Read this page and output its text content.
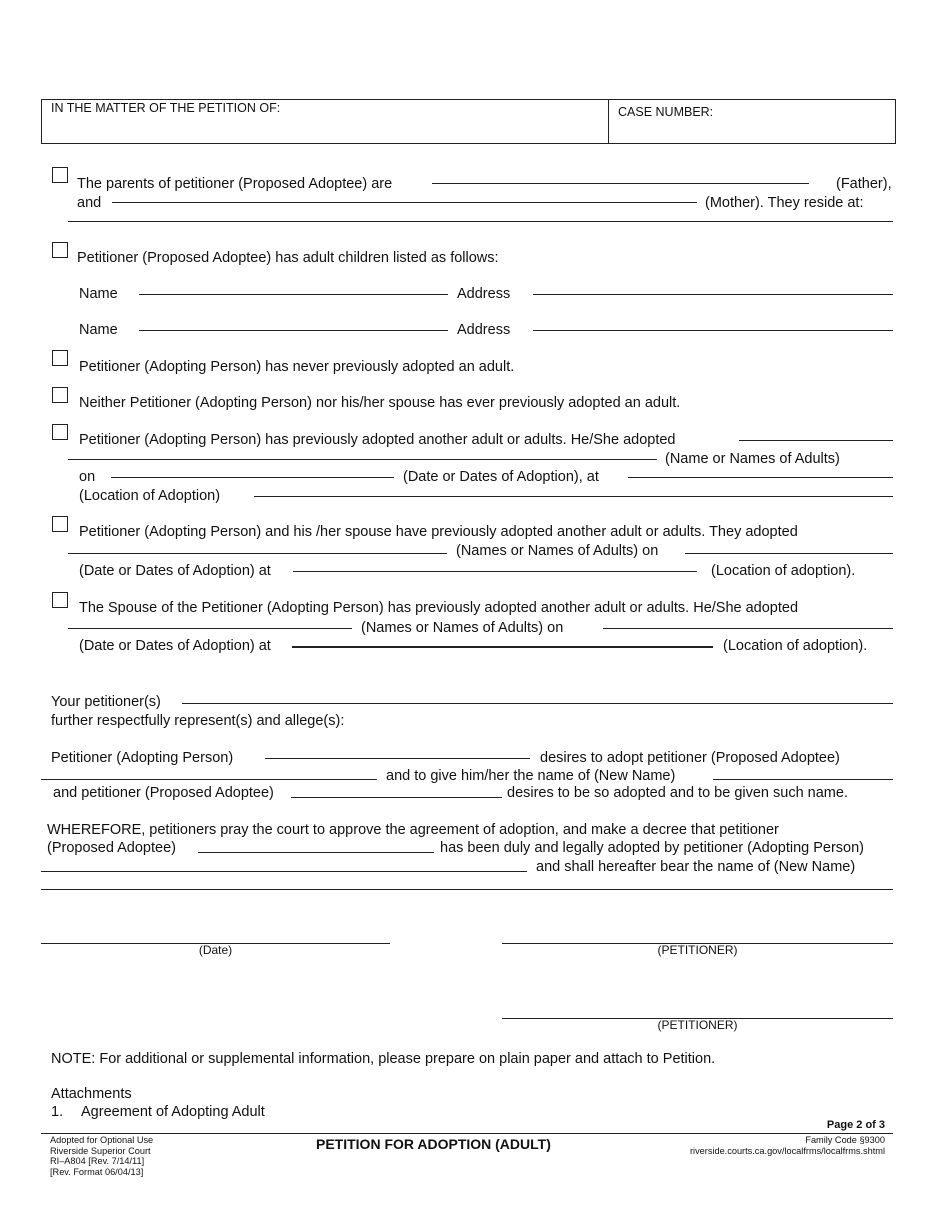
IN THE MATTER OF THE PETITION OF:	CASE NUMBER:
The parents of petitioner (Proposed Adoptee) are	(Father),
and	(Mother). They reside at:
Petitioner (Proposed Adoptee) has adult children listed as follows:
Name	Address
Name	Address
Petitioner (Adopting Person) has never previously adopted an adult.
Neither Petitioner (Adopting Person) nor his/her spouse has ever previously adopted an adult.
Petitioner (Adopting Person) has previously adopted another adult or adults. He/She adopted
(Name or Names of Adults)
on	(Date or Dates of Adoption), at
(Location of Adoption)
Petitioner (Adopting Person) and his /her spouse have previously adopted another adult or adults. They adopted
(Names or Names of Adults) on
(Date or Dates of Adoption) at	(Location of adoption).
The Spouse of the Petitioner (Adopting Person) has previously adopted another adult or adults. He/She adopted
(Names or Names of Adults) on
(Date or Dates of Adoption) at	(Location of adoption).
Your petitioner(s)
further respectfully represent(s) and allege(s):
Petitioner (Adopting Person)	desires to adopt petitioner (Proposed Adoptee)
and to give him/her the name of (New Name)
and petitioner (Proposed Adoptee)	desires to be so adopted and to be given such name.
WHEREFORE, petitioners pray the court to approve the agreement of adoption, and make a decree that petitioner
(Proposed Adoptee)	has been duly and legally adopted by petitioner (Adopting Person)
and shall hereafter bear the name of (New Name)
(Date)	(PETITIONER)
(PETITIONER)
NOTE: For additional or supplemental information, please prepare on plain paper and attach to Petition.
Attachments
1. Agreement of Adopting Adult
Page 2 of 3
PETITION FOR ADOPTION (ADULT)
Adopted for Optional Use
Riverside Superior Court
RI–A804 [Rev. 7/14/11]
[Rev. Format 06/04/13]
Family Code §9300
riverside.courts.ca.gov/localfrms/localfrms.shtml
